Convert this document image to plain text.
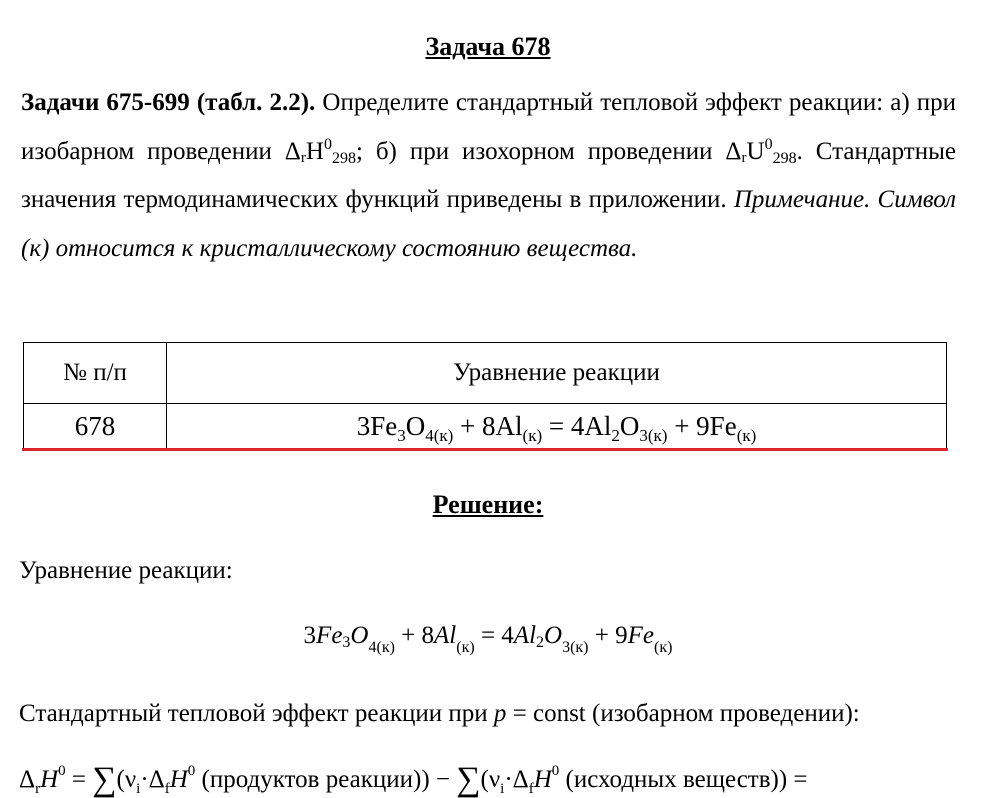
Задача 678

Задачи 675-699 (табл. 2.2). Определите стандартный тепловой эффект реакции: а) при изобарном проведении ΔrH$^0_{298}$; б) при изохорном проведении ΔrU$^0_{298}$. Стандартные значения термодинамических функций приведены в приложении. Примечание. Символ (к) относится к кристаллическому состоянию вещества.

№ п/п	Уравнение реакции
678	$3Fe_3O_{4(к)} + 8Al_{(к)} = 4Al_2O_{3(к)} + 9Fe_{(к)}$
Решение:
Уравнение реакции:
$3Fe_3O_{4(к)} + 8Al_{(к)} = 4Al_2O_{3(к)} + 9Fe_{(к)}$
Стандартный тепловой эффект реакции при p = const (изобарном проведении):
$\Delta_rH^0 = \sum(\nu_i\cdot\Delta_fH^0$ (продуктов реакции)) − $\sum(\nu_i\cdot\Delta_fH^0$ (исходных веществ)) =
